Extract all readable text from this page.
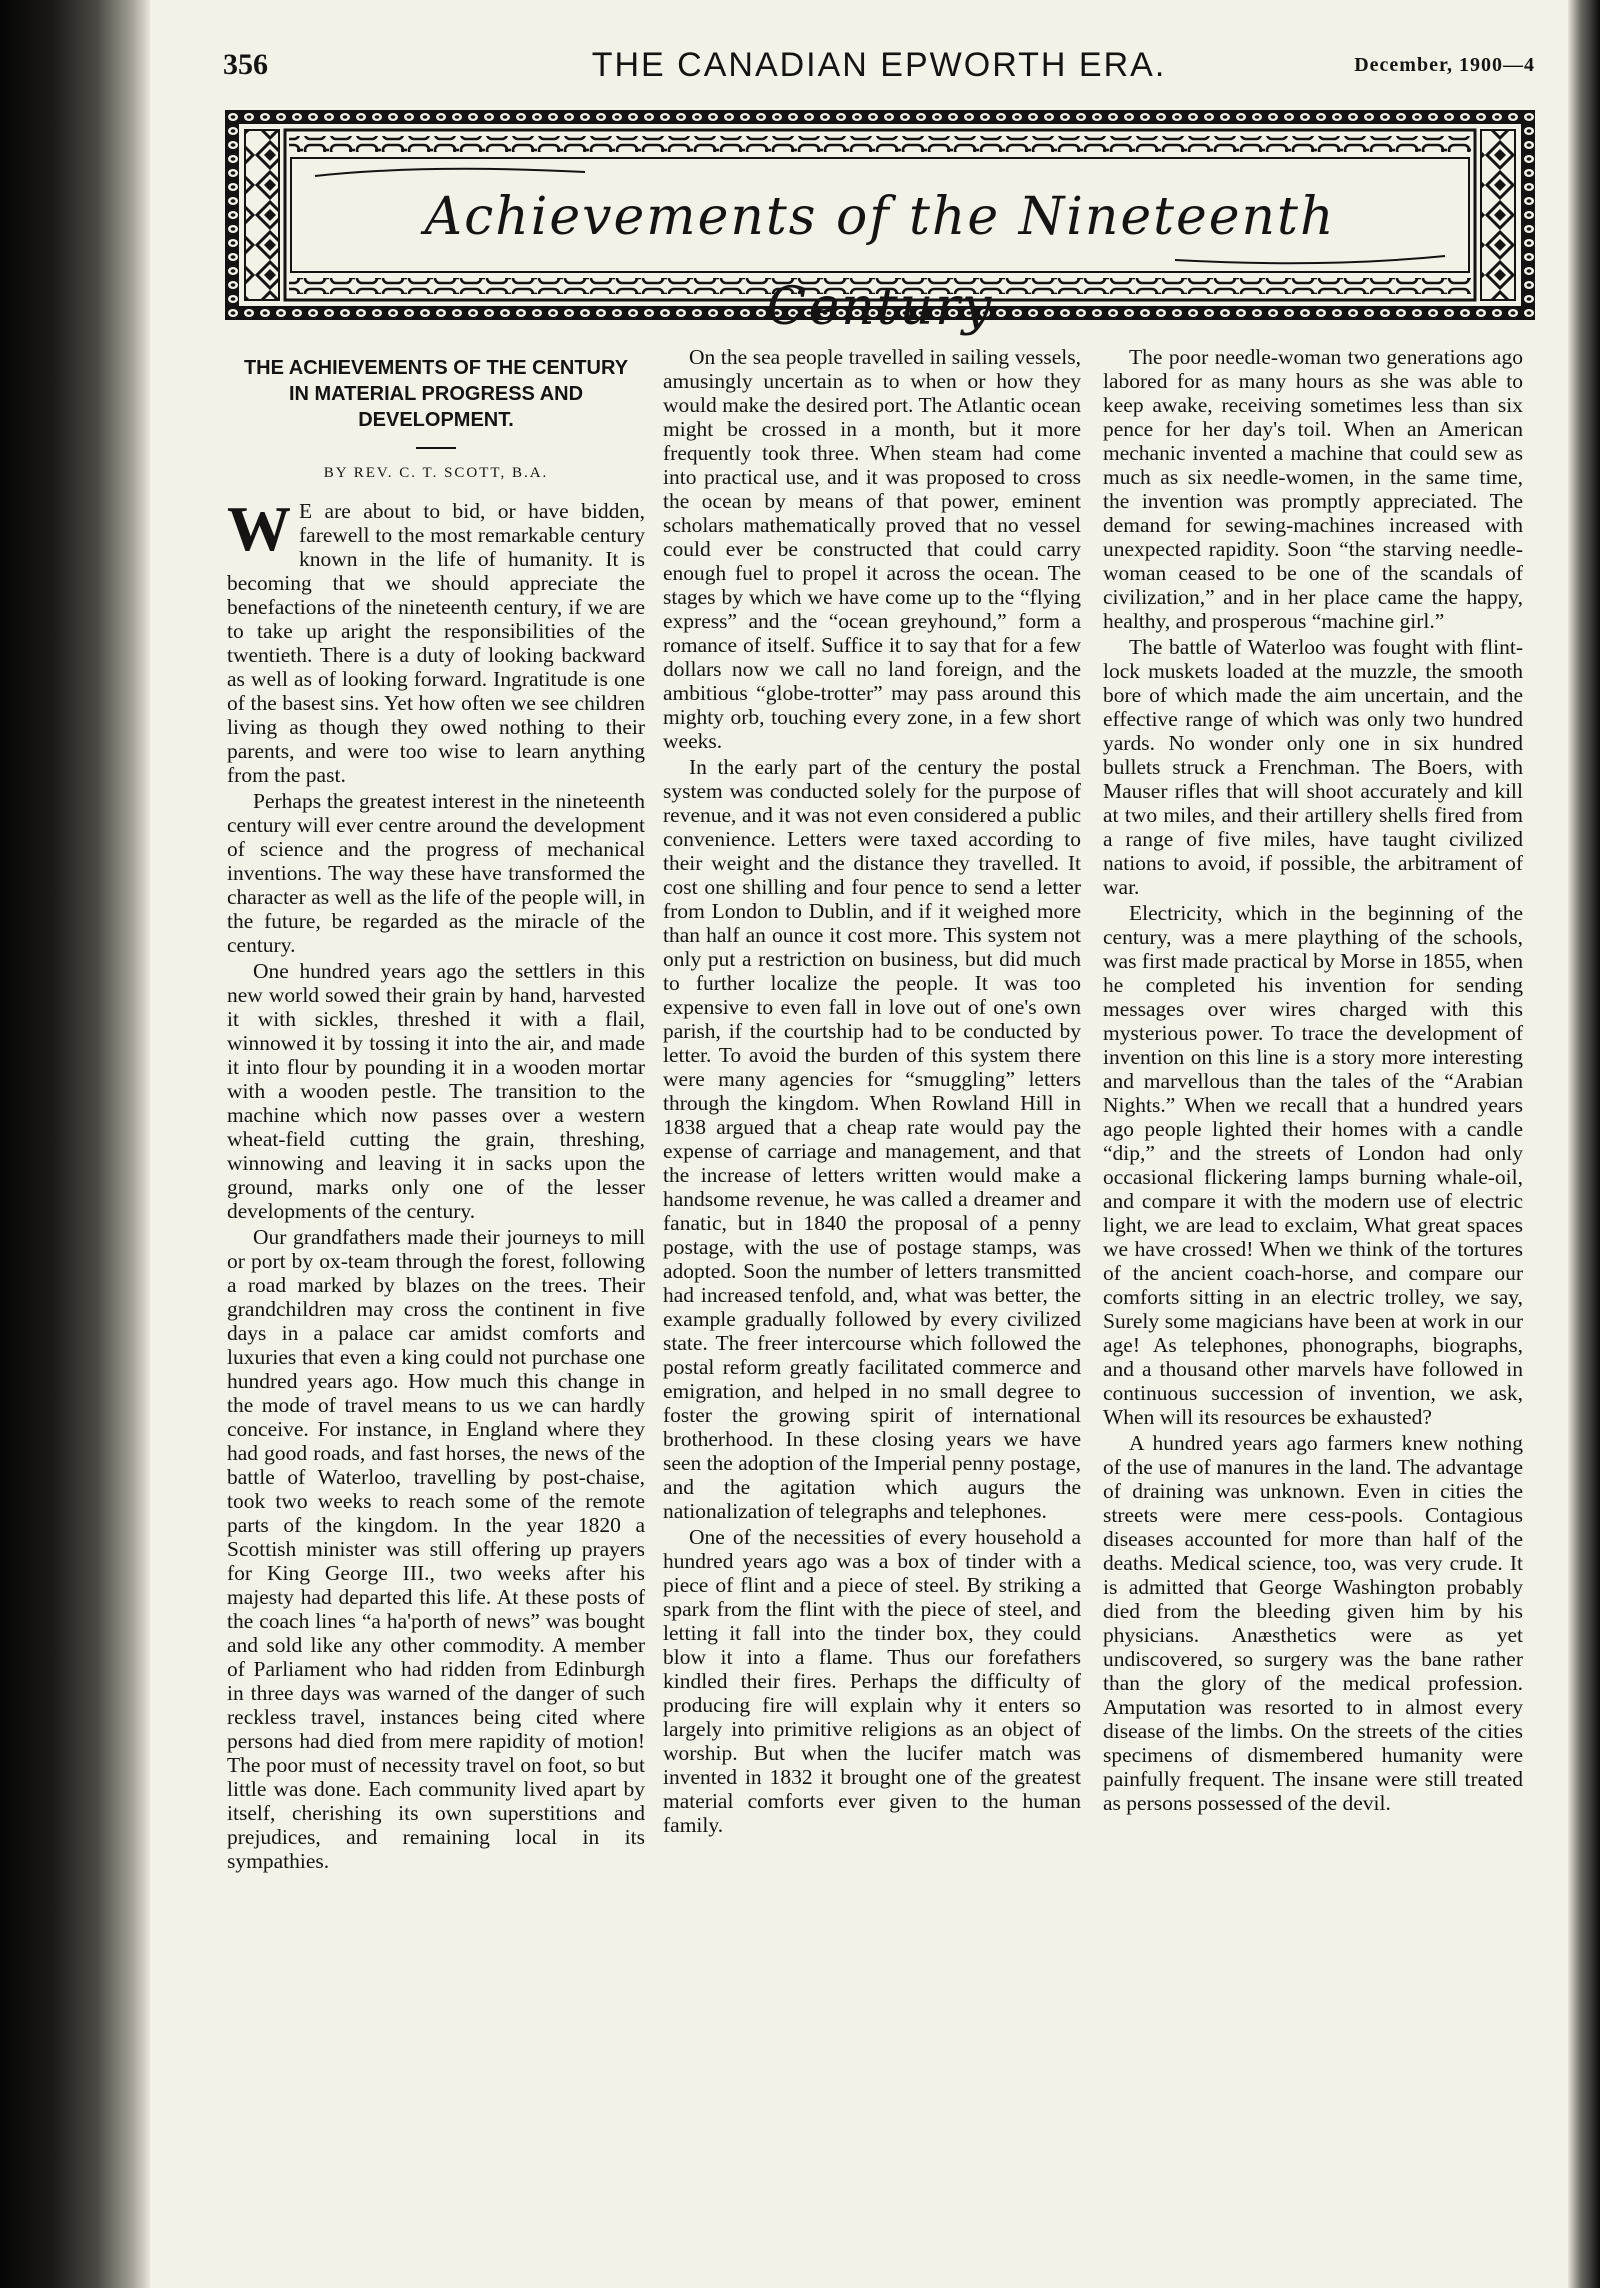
356	THE CANADIAN EPWORTH ERA.	December, 1900—4
Achievements of the Nineteenth Century
THE ACHIEVEMENTS OF THE CENTURY IN MATERIAL PROGRESS AND DEVELOPMENT.
BY REV. C. T. SCOTT, B.A.

WE are about to bid, or have bidden, farewell to the most remarkable century known in the life of humanity. It is becoming that we should appreciate the benefactions of the nineteenth century, if we are to take up aright the responsibilities of the twentieth. There is a duty of looking backward as well as of looking forward. Ingratitude is one of the basest sins. Yet how often we see children living as though they owed nothing to their parents, and were too wise to learn anything from the past.

Perhaps the greatest interest in the nineteenth century will ever centre around the development of science and the progress of mechanical inventions. The way these have transformed the character as well as the life of the people will, in the future, be regarded as the miracle of the century.

One hundred years ago the settlers in this new world sowed their grain by hand, harvested it with sickles, threshed it with a flail, winnowed it by tossing it into the air, and made it into flour by pounding it in a wooden mortar with a wooden pestle. The transition to the machine which now passes over a western wheat-field cutting the grain, threshing, winnowing and leaving it in sacks upon the ground, marks only one of the lesser developments of the century.

Our grandfathers made their journeys to mill or port by ox-team through the forest, following a road marked by blazes on the trees. Their grandchildren may cross the continent in five days in a palace car amidst comforts and luxuries that even a king could not purchase one hundred years ago. How much this change in the mode of travel means to us we can hardly conceive. For instance, in England where they had good roads, and fast horses, the news of the battle of Waterloo, travelling by post-chaise, took two weeks to reach some of the remote parts of the kingdom. In the year 1820 a Scottish minister was still offering up prayers for King George III., two weeks after his majesty had departed this life. At these posts of the coach lines “a ha'porth of news” was bought and sold like any other commodity. A member of Parliament who had ridden from Edinburgh in three days was warned of the danger of such reckless travel, instances being cited where persons had died from mere rapidity of motion! The poor must of necessity travel on foot, so but little was done. Each community lived apart by itself, cherishing its own superstitions and prejudices, and remaining local in its sympathies.

On the sea people travelled in sailing vessels, amusingly uncertain as to when or how they would make the desired port. The Atlantic ocean might be crossed in a month, but it more frequently took three. When steam had come into practical use, and it was proposed to cross the ocean by means of that power, eminent scholars mathematically proved that no vessel could ever be constructed that could carry enough fuel to propel it across the ocean. The stages by which we have come up to the “flying express” and the “ocean greyhound,” form a romance of itself. Suffice it to say that for a few dollars now we call no land foreign, and the ambitious “globe-trotter” may pass around this mighty orb, touching every zone, in a few short weeks.

In the early part of the century the postal system was conducted solely for the purpose of revenue, and it was not even considered a public convenience. Letters were taxed according to their weight and the distance they travelled. It cost one shilling and four pence to send a letter from London to Dublin, and if it weighed more than half an ounce it cost more. This system not only put a restriction on business, but did much to further localize the people. It was too expensive to even fall in love out of one's own parish, if the courtship had to be conducted by letter. To avoid the burden of this system there were many agencies for “smuggling” letters through the kingdom. When Rowland Hill in 1838 argued that a cheap rate would pay the expense of carriage and management, and that the increase of letters written would make a handsome revenue, he was called a dreamer and fanatic, but in 1840 the proposal of a penny postage, with the use of postage stamps, was adopted. Soon the number of letters transmitted had increased tenfold, and, what was better, the example gradually followed by every civilized state. The freer intercourse which followed the postal reform greatly facilitated commerce and emigration, and helped in no small degree to foster the growing spirit of international brotherhood. In these closing years we have seen the adoption of the Imperial penny postage, and the agitation which augurs the nationalization of telegraphs and telephones.

One of the necessities of every household a hundred years ago was a box of tinder with a piece of flint and a piece of steel. By striking a spark from the flint with the piece of steel, and letting it fall into the tinder box, they could blow it into a flame. Thus our forefathers kindled their fires. Perhaps the difficulty of producing fire will explain why it enters so largely into primitive religions as an object of worship. But when the lucifer match was invented in 1832 it brought one of the greatest material comforts ever given to the human family.

The poor needle-woman two generations ago labored for as many hours as she was able to keep awake, receiving sometimes less than six pence for her day's toil. When an American mechanic invented a machine that could sew as much as six needle-women, in the same time, the invention was promptly appreciated. The demand for sewing-machines increased with unexpected rapidity. Soon “the starving needle-woman ceased to be one of the scandals of civilization,” and in her place came the happy, healthy, and prosperous “machine girl.”

The battle of Waterloo was fought with flint-lock muskets loaded at the muzzle, the smooth bore of which made the aim uncertain, and the effective range of which was only two hundred yards. No wonder only one in six hundred bullets struck a Frenchman. The Boers, with Mauser rifles that will shoot accurately and kill at two miles, and their artillery shells fired from a range of five miles, have taught civilized nations to avoid, if possible, the arbitrament of war.

Electricity, which in the beginning of the century, was a mere plaything of the schools, was first made practical by Morse in 1855, when he completed his invention for sending messages over wires charged with this mysterious power. To trace the development of invention on this line is a story more interesting and marvellous than the tales of the “Arabian Nights.” When we recall that a hundred years ago people lighted their homes with a candle “dip,” and the streets of London had only occasional flickering lamps burning whale-oil, and compare it with the modern use of electric light, we are lead to exclaim, What great spaces we have crossed! When we think of the tortures of the ancient coach-horse, and compare our comforts sitting in an electric trolley, we say, Surely some magicians have been at work in our age! As telephones, phonographs, biographs, and a thousand other marvels have followed in continuous succession of invention, we ask, When will its resources be exhausted?

A hundred years ago farmers knew nothing of the use of manures in the land. The advantage of draining was unknown. Even in cities the streets were mere cess-pools. Contagious diseases accounted for more than half of the deaths. Medical science, too, was very crude. It is admitted that George Washington probably died from the bleeding given him by his physicians. Anæsthetics were as yet undiscovered, so surgery was the bane rather than the glory of the medical profession. Amputation was resorted to in almost every disease of the limbs. On the streets of the cities specimens of dismembered humanity were painfully frequent. The insane were still treated as persons possessed of the devil.
